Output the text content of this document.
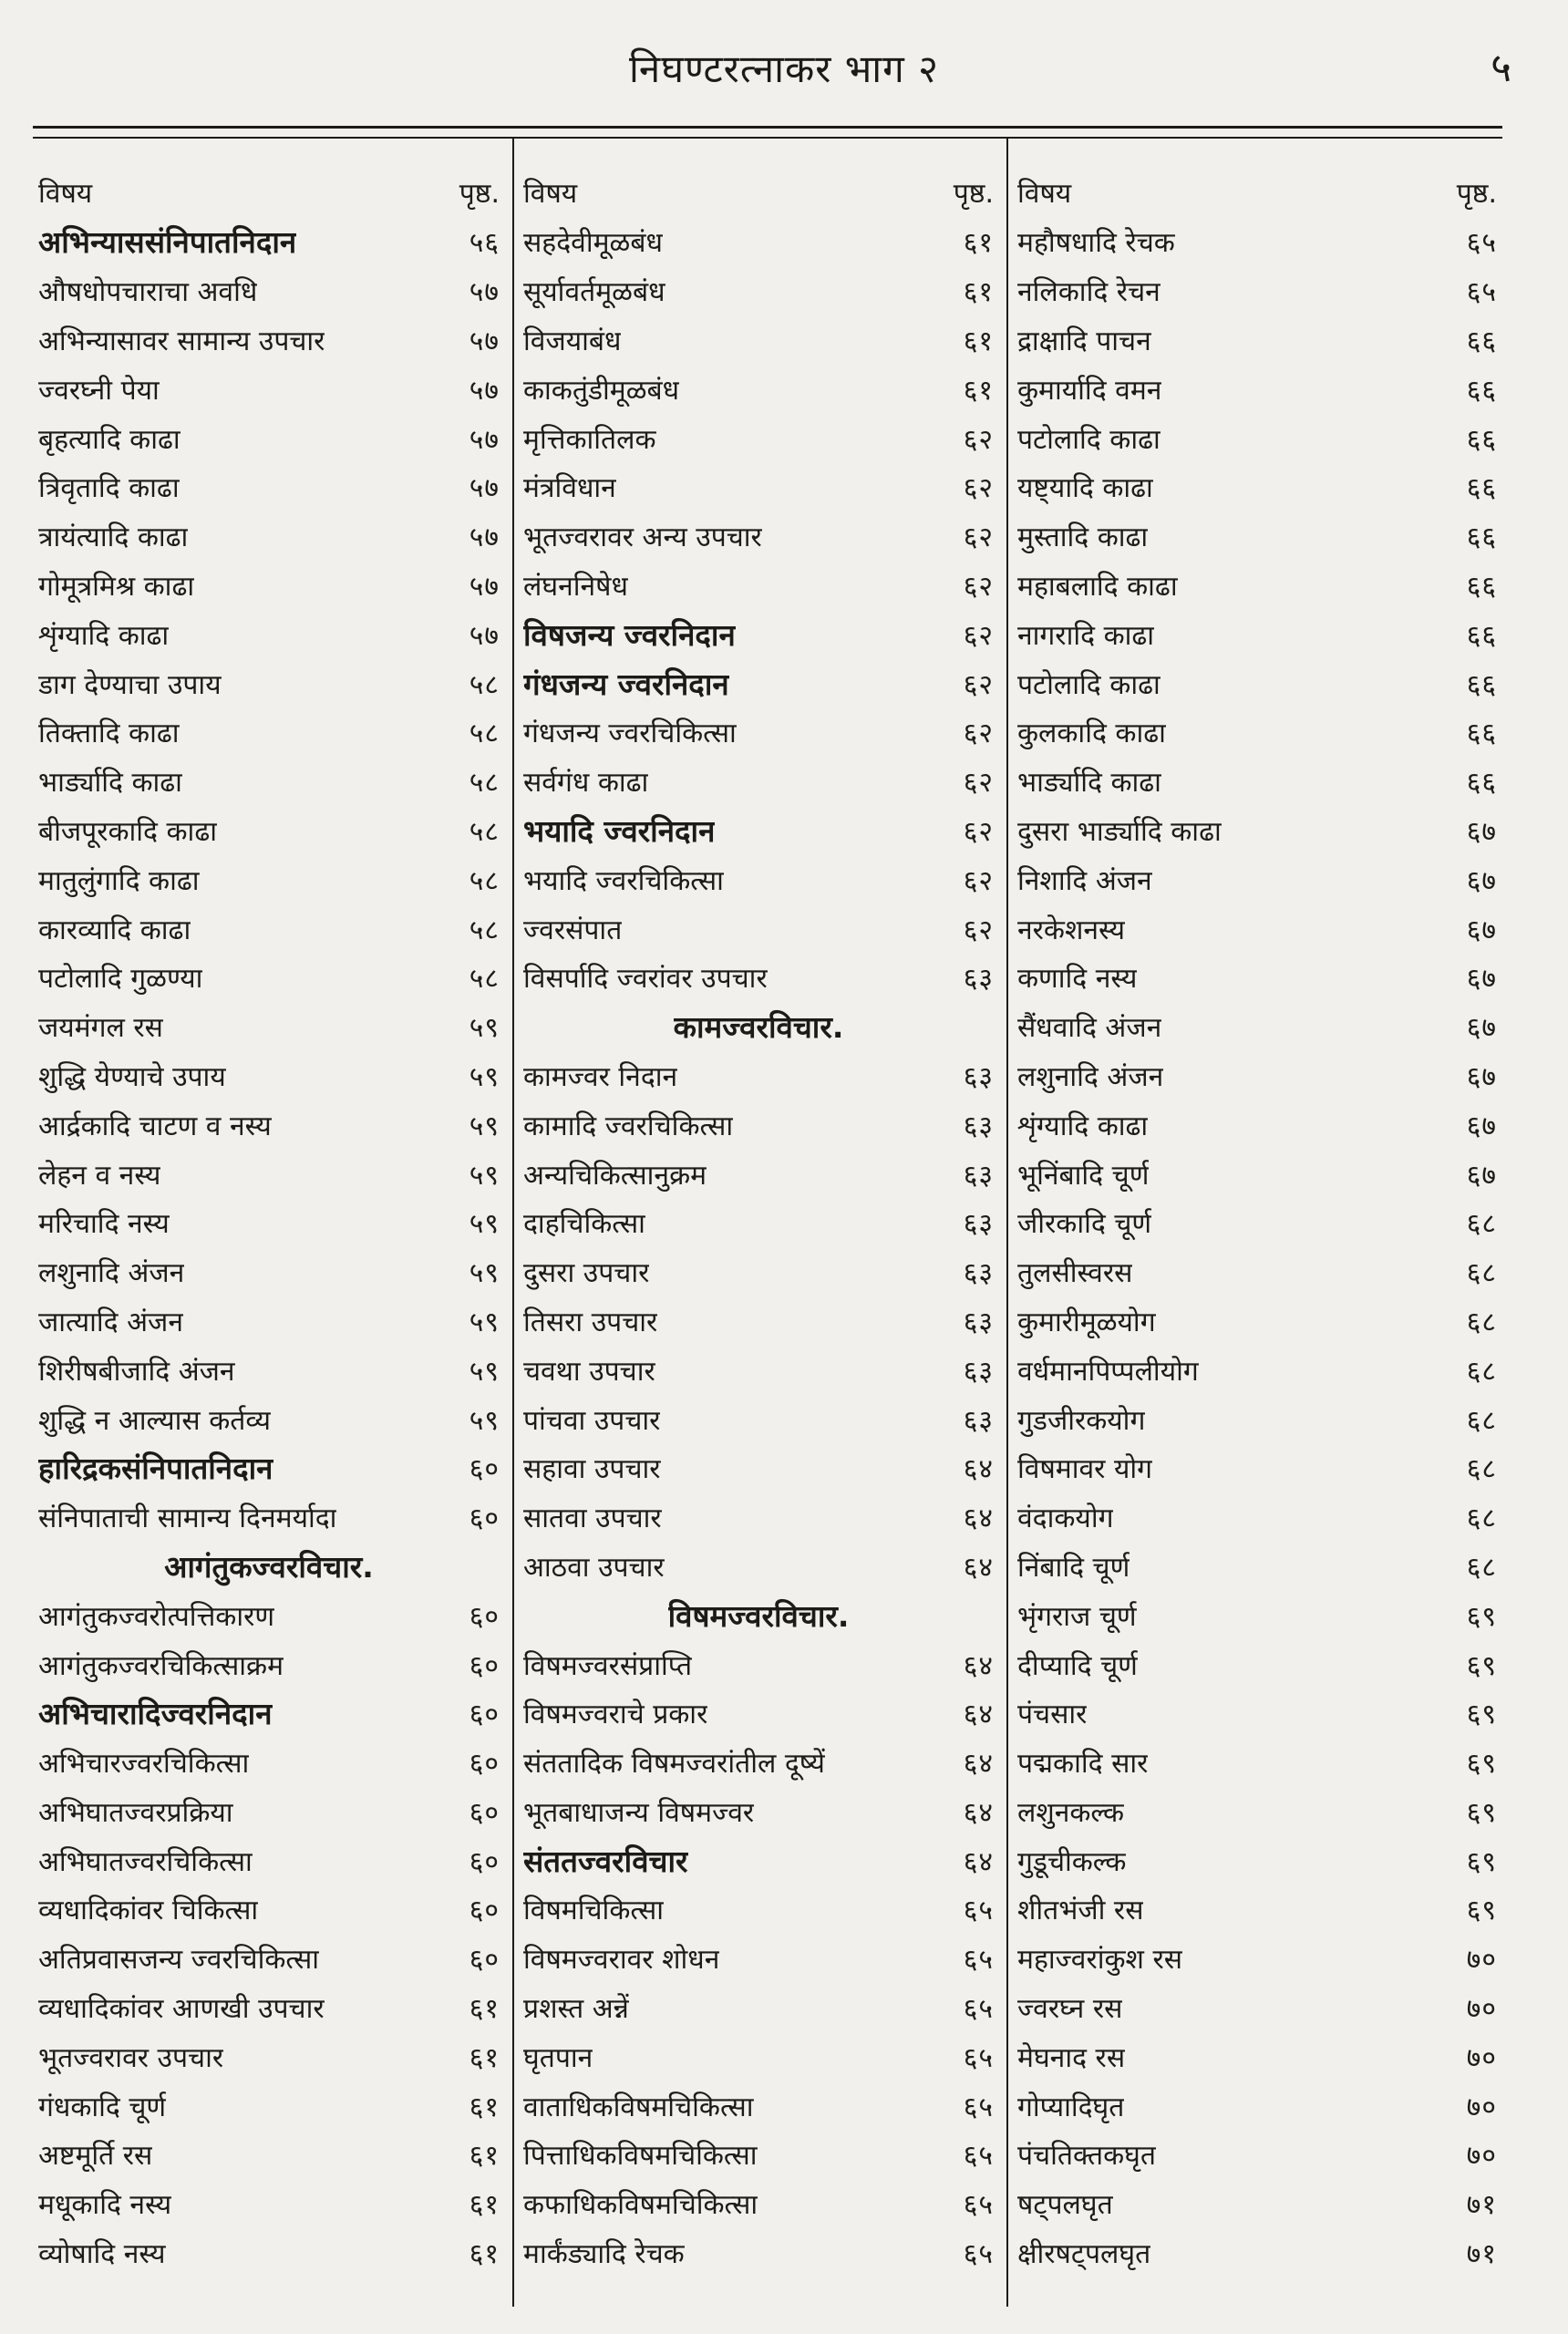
निघण्टरत्नाकर भाग २	५
विषय	पृष्ठ.
अभिन्याससंनिपातनिदान	५६
औषधोपचाराचा अवधि	५७
अभिन्यासावर सामान्य उपचार	५७
ज्वरघ्नी पेया	५७
बृहत्यादि काढा	५७
त्रिवृतादि काढा	५७
त्रायंत्यादि काढा	५७
गोमूत्रमिश्र काढा	५७
शृंग्यादि काढा	५७
डाग देण्याचा उपाय	५८
तिक्तादि काढा	५८
भार्ड्यादि काढा	५८
बीजपूरकादि काढा	५८
मातुलुंगादि काढा	५८
कारव्यादि काढा	५८
पटोलादि गुळण्या	५८
जयमंगल रस	५९
शुद्धि येण्याचे उपाय	५९
आर्द्रकादि चाटण व नस्य	५९
लेहन व नस्य	५९
मरिचादि नस्य	५९
लशुनादि अंजन	५९
जात्यादि अंजन	५९
शिरीषबीजादि अंजन	५९
शुद्धि न आल्यास कर्तव्य	५९
हारिद्रकसंनिपातनिदान	६०
संनिपाताची सामान्य दिनमर्यादा	६०
आगंतुकज्वरविचार.
आगंतुकज्वरोत्पत्तिकारण	६०
आगंतुकज्वरचिकित्साक्रम	६०
अभिचारादिज्वरनिदान	६०
अभिचारज्वरचिकित्सा	६०
अभिघातज्वरप्रक्रिया	६०
अभिघातज्वरचिकित्सा	६०
व्यधादिकांवर चिकित्सा	६०
अतिप्रवासजन्य ज्वरचिकित्सा	६०
व्यधादिकांवर आणखी उपचार	६१
भूतज्वरावर उपचार	६१
गंधकादि चूर्ण	६१
अष्टमूर्ति रस	६१
मधूकादि नस्य	६१
व्योषादि नस्य	६१
विषय	पृष्ठ.
सहदेवीमूळबंध	६१
सूर्यावर्तमूळबंध	६१
विजयाबंध	६१
काकतुंडीमूळबंध	६१
मृत्तिकातिलक	६२
मंत्रविधान	६२
भूतज्वरावर अन्य उपचार	६२
लंघननिषेध	६२
विषजन्य ज्वरनिदान	६२
गंधजन्य ज्वरनिदान	६२
गंधजन्य ज्वरचिकित्सा	६२
सर्वगंध काढा	६२
भयादि ज्वरनिदान	६२
भयादि ज्वरचिकित्सा	६२
ज्वरसंपात	६२
विसर्पादि ज्वरांवर उपचार	६३
कामज्वरविचार.
कामज्वर निदान	६३
कामादि ज्वरचिकित्सा	६३
अन्यचिकित्सानुक्रम	६३
दाहचिकित्सा	६३
दुसरा उपचार	६३
तिसरा उपचार	६३
चवथा उपचार	६३
पांचवा उपचार	६३
सहावा उपचार	६४
सातवा उपचार	६४
आठवा उपचार	६४
विषमज्वरविचार.
विषमज्वरसंप्राप्ति	६४
विषमज्वराचे प्रकार	६४
संततादिक विषमज्वरांतील दूष्यें	६४
भूतबाधाजन्य विषमज्वर	६४
संततज्वरविचार	६४
विषमचिकित्सा	६५
विषमज्वरावर शोधन	६५
प्रशस्त अन्नें	६५
घृतपान	६५
वाताधिकविषमचिकित्सा	६५
पित्ताधिकविषमचिकित्सा	६५
कफाधिकविषमचिकित्सा	६५
मार्कंड्यादि रेचक	६५
विषय	पृष्ठ.
महौषधादि रेचक	६५
नलिकादि रेचन	६५
द्राक्षादि पाचन	६६
कुमार्यादि वमन	६६
पटोलादि काढा	६६
यष्ट्यादि काढा	६६
मुस्तादि काढा	६६
महाबलादि काढा	६६
नागरादि काढा	६६
पटोलादि काढा	६६
कुलकादि काढा	६६
भार्ड्यादि काढा	६६
दुसरा भार्ड्यादि काढा	६७
निशादि अंजन	६७
नरकेशनस्य	६७
कणादि नस्य	६७
सैंधवादि अंजन	६७
लशुनादि अंजन	६७
शृंग्यादि काढा	६७
भूनिंबादि चूर्ण	६७
जीरकादि चूर्ण	६८
तुलसीस्वरस	६८
कुमारीमूळयोग	६८
वर्धमानपिप्पलीयोग	६८
गुडजीरकयोग	६८
विषमावर योग	६८
वंदाकयोग	६८
निंबादि चूर्ण	६८
भृंगराज चूर्ण	६९
दीप्यादि चूर्ण	६९
पंचसार	६९
पद्मकादि सार	६९
लशुनकल्क	६९
गुडूचीकल्क	६९
शीतभंजी रस	६९
महाज्वरांकुश रस	७०
ज्वरघ्न रस	७०
मेघनाद रस	७०
गोप्यादिघृत	७०
पंचतिक्तकघृत	७०
षट्पलघृत	७१
क्षीरषट्पलघृत	७१
